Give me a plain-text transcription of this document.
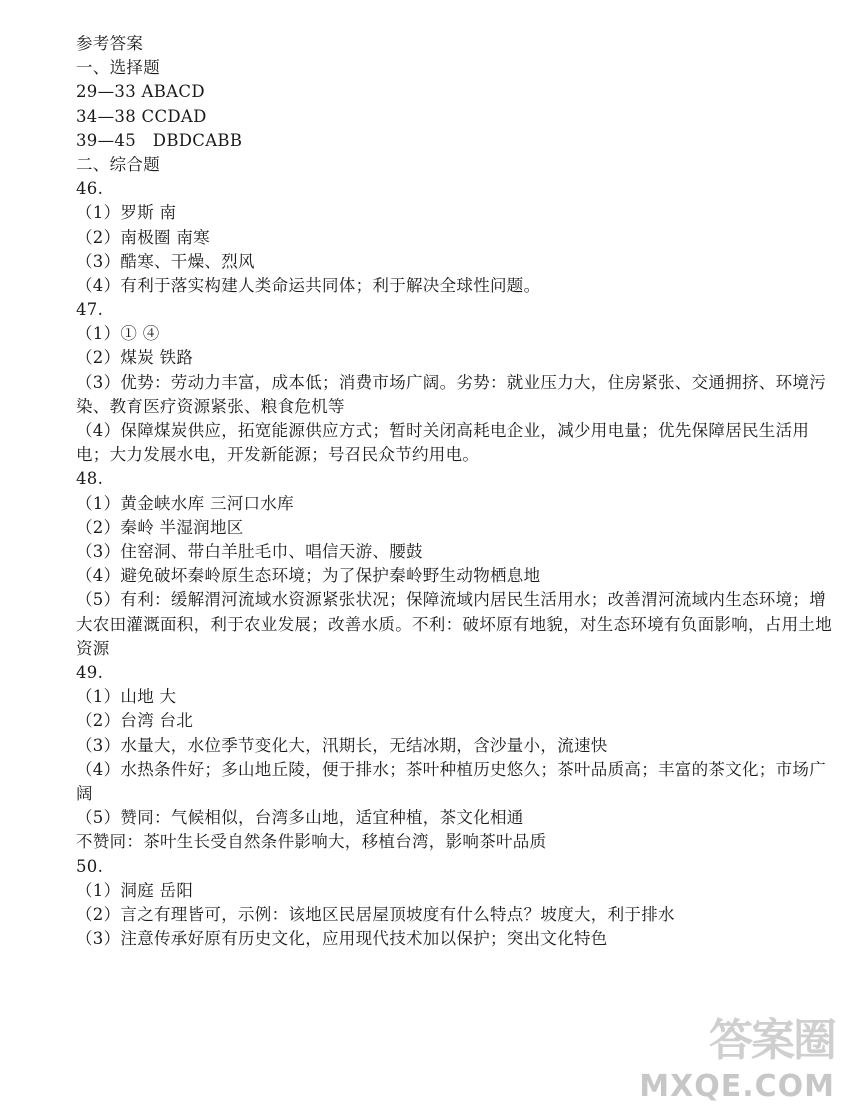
参考答案
一、选择题
29—33 ABACD
34—38 CCDAD
39—45　DBDCABB
二、综合题
46.
（1）罗斯 南
（2）南极圈 南寒
（3）酷寒、干燥、烈风
（4）有利于落实构建人类命运共同体；利于解决全球性问题。
47.
（1）① ④
（2）煤炭 铁路
（3）优势：劳动力丰富，成本低；消费市场广阔。劣势：就业压力大，住房紧张、交通拥挤、环境污染、教育医疗资源紧张、粮食危机等
（4）保障煤炭供应，拓宽能源供应方式；暂时关闭高耗电企业，减少用电量；优先保障居民生活用电；大力发展水电，开发新能源；号召民众节约用电。
48.
（1）黄金峡水库 三河口水库
（2）秦岭 半湿润地区
（3）住窑洞、带白羊肚毛巾、唱信天游、腰鼓
（4）避免破坏秦岭原生态环境；为了保护秦岭野生动物栖息地
（5）有利：缓解渭河流域水资源紧张状况；保障流域内居民生活用水；改善渭河流域内生态环境；增大农田灌溉面积，利于农业发展；改善水质。不利：破坏原有地貌，对生态环境有负面影响，占用土地资源
49.
（1）山地 大
（2）台湾 台北
（3）水量大，水位季节变化大，汛期长，无结冰期，含沙量小，流速快
（4）水热条件好；多山地丘陵，便于排水；茶叶种植历史悠久；茶叶品质高；丰富的茶文化；市场广阔
（5）赞同：气候相似，台湾多山地，适宜种植，茶文化相通
不赞同：茶叶生长受自然条件影响大，移植台湾，影响茶叶品质
50.
（1）洞庭 岳阳
（2）言之有理皆可，示例：该地区民居屋顶坡度有什么特点？坡度大，利于排水
（3）注意传承好原有历史文化，应用现代技术加以保护；突出文化特色
答案圈
MXQE.COM
